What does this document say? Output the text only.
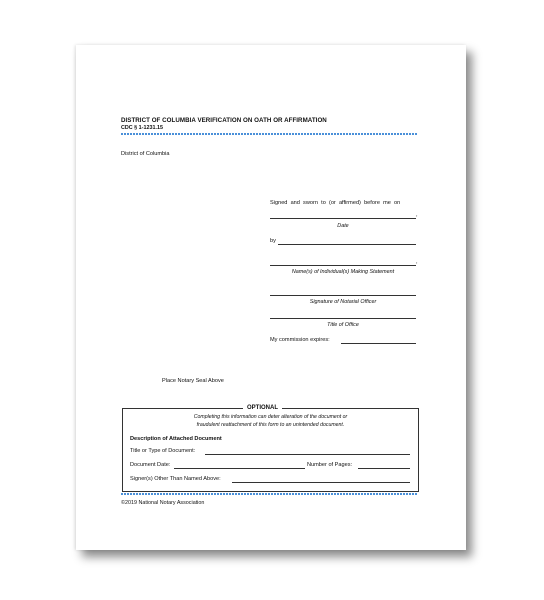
DISTRICT OF COLUMBIA VERIFICATION ON OATH OR AFFIRMATION
CDC § 1-1231.15
District of Columbia
Signed and sworn to (or affirmed) before me on
,
Date
by
,
Name(s) of Individual(s) Making Statement
Signature of Notarial Officer
Title of Office
My commission expires:
Place Notary Seal Above
OPTIONAL
Completing this information can deter alteration of the document or
fraudulent reattachment of this form to an unintended document.
Description of Attached Document
Title or Type of Document:
Document Date:	Number of Pages:
Signer(s) Other Than Named Above:
©2019 National Notary Association
